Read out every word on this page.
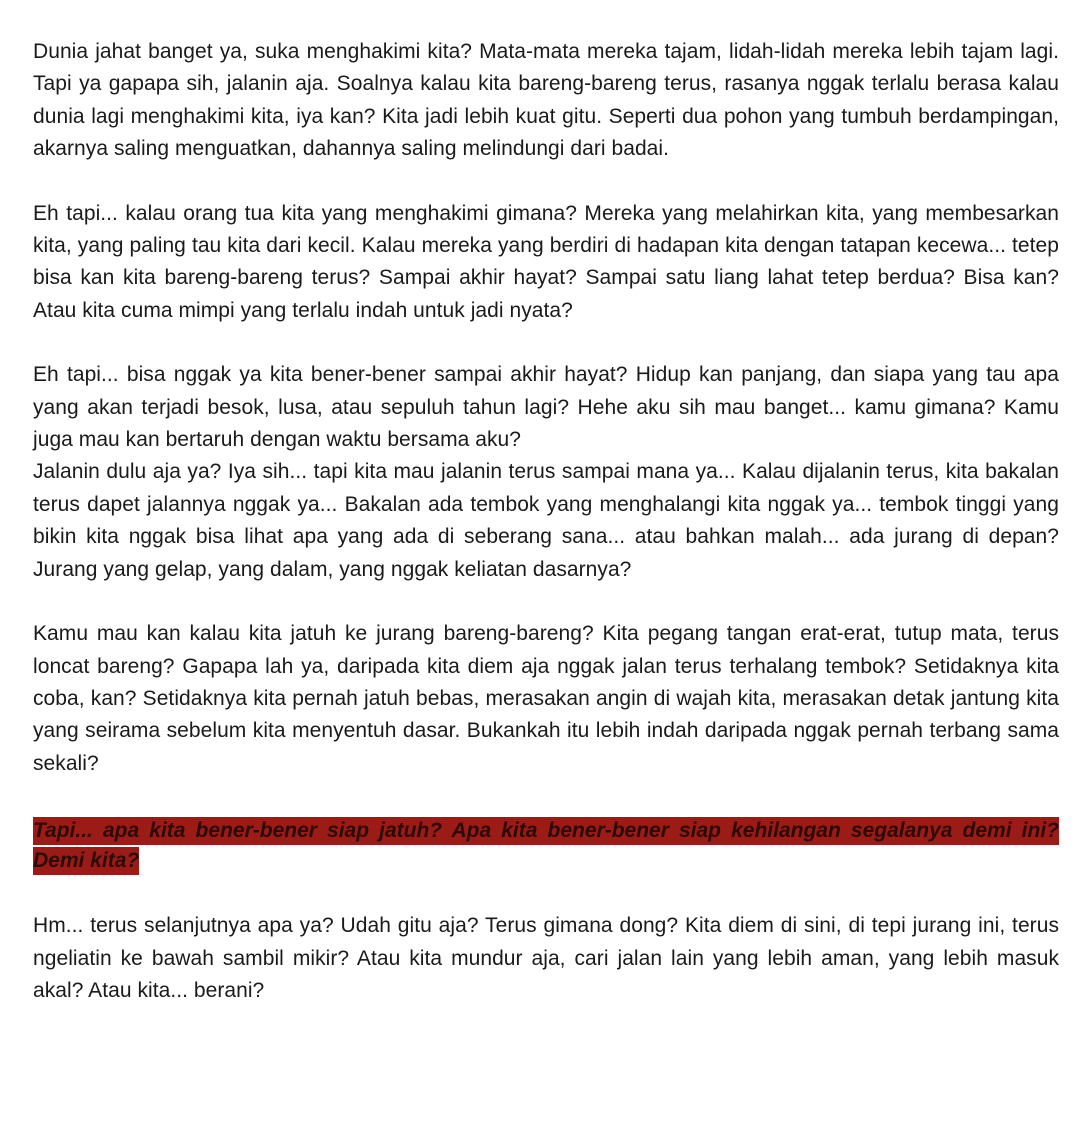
Dunia jahat banget ya, suka menghakimi kita? Mata-mata mereka tajam, lidah-lidah mereka lebih tajam lagi. Tapi ya gapapa sih, jalanin aja. Soalnya kalau kita bareng-bareng terus, rasanya nggak terlalu berasa kalau dunia lagi menghakimi kita, iya kan? Kita jadi lebih kuat gitu. Seperti dua pohon yang tumbuh berdampingan, akarnya saling menguatkan, dahannya saling melindungi dari badai.

Eh tapi... kalau orang tua kita yang menghakimi gimana? Mereka yang melahirkan kita, yang membesarkan kita, yang paling tau kita dari kecil. Kalau mereka yang berdiri di hadapan kita dengan tatapan kecewa... tetep bisa kan kita bareng-bareng terus? Sampai akhir hayat? Sampai satu liang lahat tetep berdua? Bisa kan? Atau kita cuma mimpi yang terlalu indah untuk jadi nyata?

Eh tapi... bisa nggak ya kita bener-bener sampai akhir hayat? Hidup kan panjang, dan siapa yang tau apa yang akan terjadi besok, lusa, atau sepuluh tahun lagi? Hehe aku sih mau banget... kamu gimana? Kamu juga mau kan bertaruh dengan waktu bersama aku?

Jalanin dulu aja ya? Iya sih... tapi kita mau jalanin terus sampai mana ya... Kalau dijalanin terus, kita bakalan terus dapet jalannya nggak ya... Bakalan ada tembok yang menghalangi kita nggak ya... tembok tinggi yang bikin kita nggak bisa lihat apa yang ada di seberang sana... atau bahkan malah... ada jurang di depan? Jurang yang gelap, yang dalam, yang nggak keliatan dasarnya?

Kamu mau kan kalau kita jatuh ke jurang bareng-bareng? Kita pegang tangan erat-erat, tutup mata, terus loncat bareng? Gapapa lah ya, daripada kita diem aja nggak jalan terus terhalang tembok? Setidaknya kita coba, kan? Setidaknya kita pernah jatuh bebas, merasakan angin di wajah kita, merasakan detak jantung kita yang seirama sebelum kita menyentuh dasar. Bukankah itu lebih indah daripada nggak pernah terbang sama sekali?

Tapi... apa kita bener-bener siap jatuh? Apa kita bener-bener siap kehilangan segalanya demi ini? Demi kita?

Hm... terus selanjutnya apa ya? Udah gitu aja? Terus gimana dong? Kita diem di sini, di tepi jurang ini, terus ngeliatin ke bawah sambil mikir? Atau kita mundur aja, cari jalan lain yang lebih aman, yang lebih masuk akal? Atau kita... berani?
